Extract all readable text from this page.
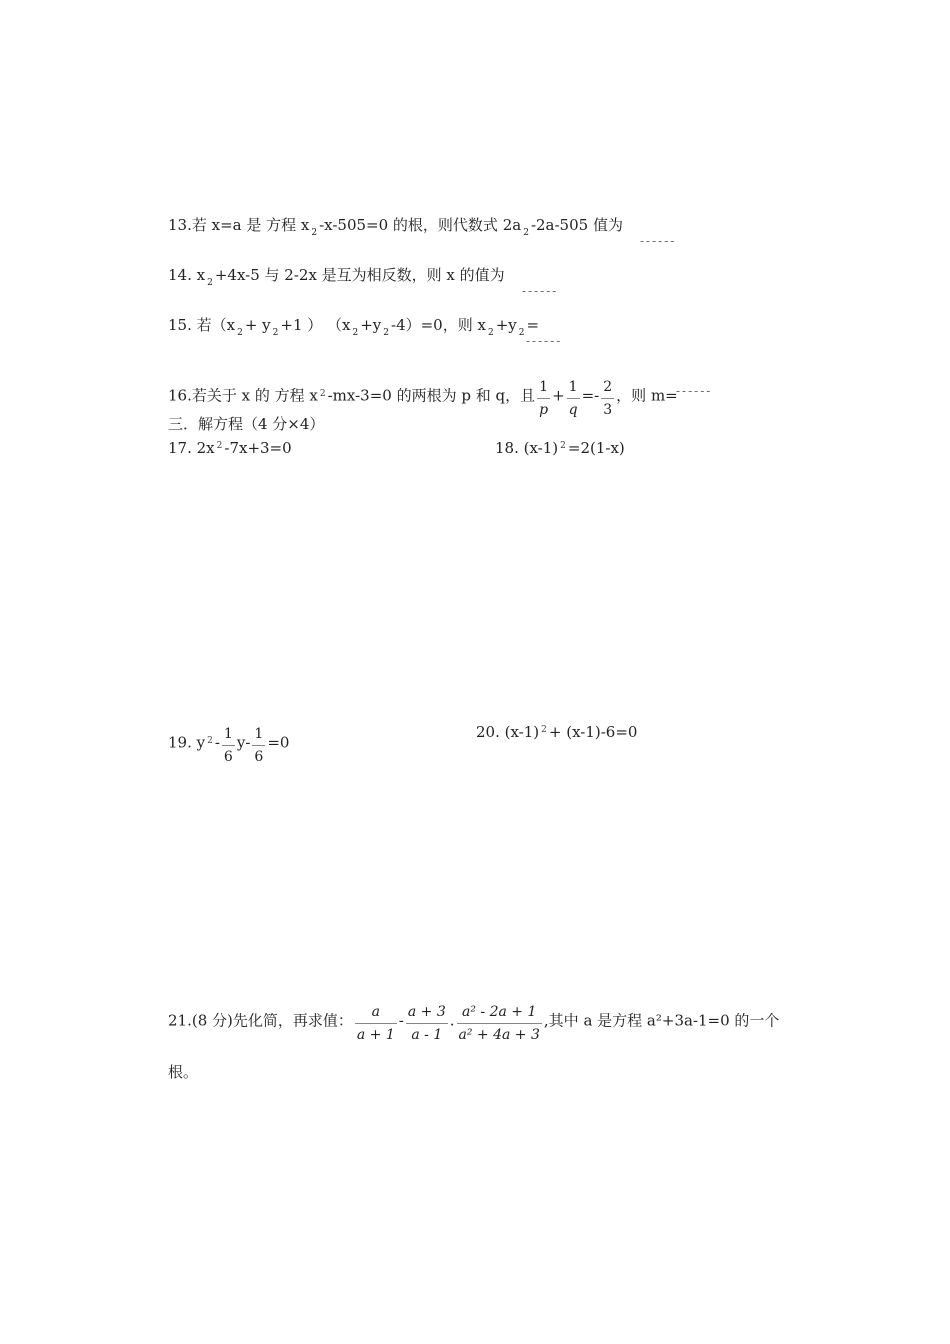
13.若 x=a 是 方程 x $_2$ -x-505=0 的根，则代数式 2a $_2$ -2a-505 值为
------
14. x $_2$ +4x-5 与 2-2x 是互为相反数，则 x 的值为
------
15. 若（x $_2$ + y $_2$ +1 ） （x $_2$ +y $_2$ -4）=0，则 x $_2$ +y $_2$ =
------
16.若关于 x 的 方程 x $^2$ -mx-3=0 的两根为 p 和 q，且 $\frac{1}{p} + \frac{1}{q} =- \frac{2}{3}$ ，则 m=
------
三．解方程（4 分×4）
17. 2x $^2$ -7x+3=0	18. (x-1) $^2$ =2(1-x)
19. y $^2 - \frac{1}{6} y- \frac{1}{6} =0$
20. (x-1) $^2$ + (x-1)-6=0
21.(8 分)先化简，再求值： $\frac{a}{a + 1} - \frac{a + 3}{a - 1}$ . $\frac{\text{a² - 2a + 1}}{\text{a² + 4a + 3}}$ ,其中 a 是方程 a²+3a-1=0 的一个
根。
